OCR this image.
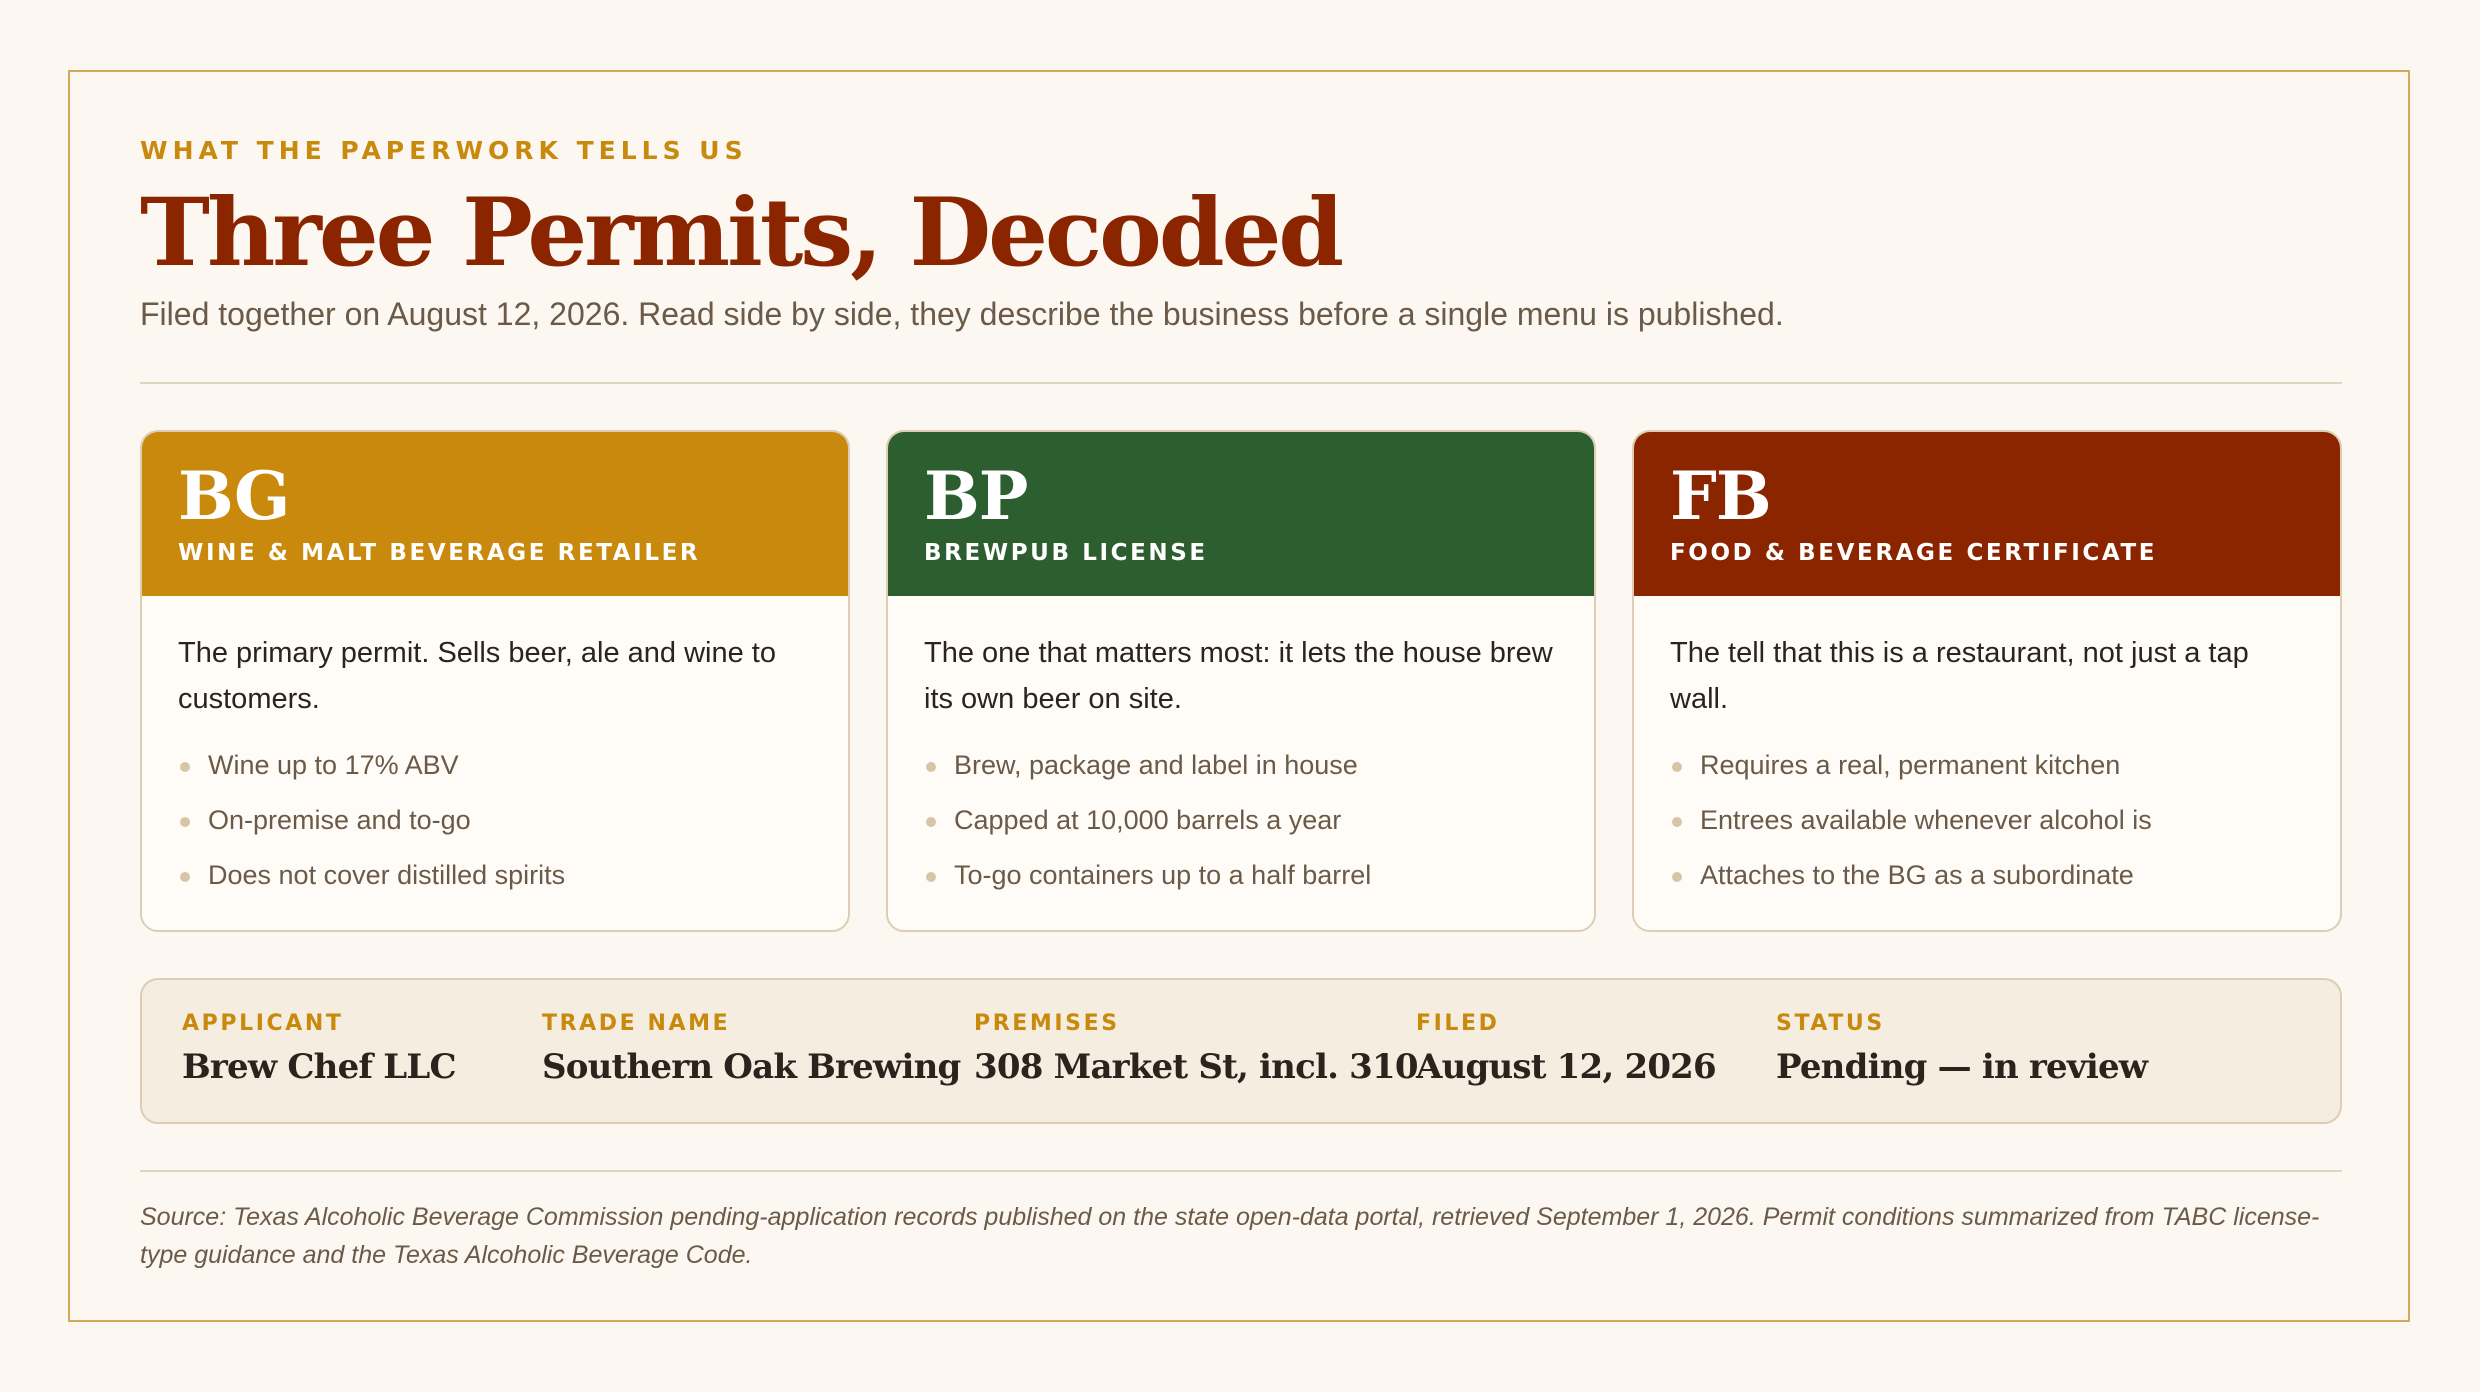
WHAT THE PAPERWORK TELLS US
Three Permits, Decoded
Filed together on August 12, 2026. Read side by side, they describe the business before a single menu is published.
BG
WINE & MALT BEVERAGE RETAILER
The primary permit. Sells beer, ale and wine to customers.
Wine up to 17% ABV
On-premise and to-go
Does not cover distilled spirits
BP
BREWPUB LICENSE
The one that matters most: it lets the house brew its own beer on site.
Brew, package and label in house
Capped at 10,000 barrels a year
To-go containers up to a half barrel
FB
FOOD & BEVERAGE CERTIFICATE
The tell that this is a restaurant, not just a tap wall.
Requires a real, permanent kitchen
Entrees available whenever alcohol is
Attaches to the BG as a subordinate
APPLICANT
Brew Chef LLC
TRADE NAME
Southern Oak Brewing
PREMISES
308 Market St, incl. 310
FILED
August 12, 2026
STATUS
Pending — in review
Source: Texas Alcoholic Beverage Commission pending-application records published on the state open-data portal, retrieved September 1, 2026. Permit conditions summarized from TABC license-type guidance and the Texas Alcoholic Beverage Code.
